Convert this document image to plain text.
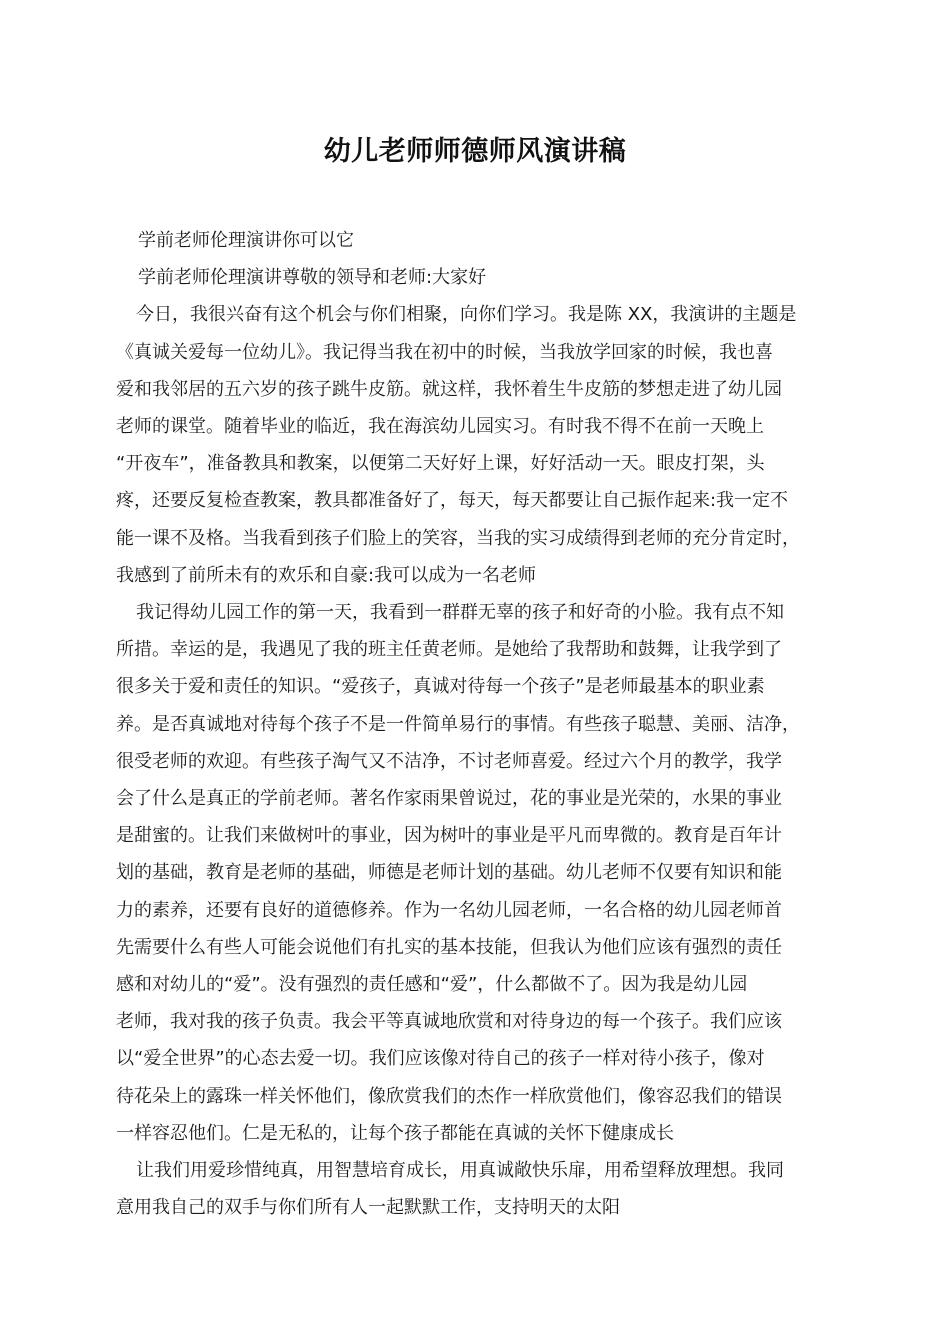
幼儿老师师德师风演讲稿

学前老师伦理演讲你可以它

学前老师伦理演讲尊敬的领导和老师:大家好

今日，我很兴奋有这个机会与你们相聚，向你们学习。我是陈 XX，我演讲的主题是
《真诚关爱每一位幼儿》。我记得当我在初中的时候，当我放学回家的时候，我也喜
爱和我邻居的五六岁的孩子跳牛皮筋。就这样，我怀着生牛皮筋的梦想走进了幼儿园
老师的课堂。随着毕业的临近，我在海滨幼儿园实习。有时我不得不在前一天晚上
“开夜车”，准备教具和教案，以便第二天好好上课，好好活动一天。眼皮打架，头
疼，还要反复检查教案，教具都准备好了，每天，每天都要让自己振作起来:我一定不
能一课不及格。当我看到孩子们脸上的笑容，当我的实习成绩得到老师的充分肯定时，
我感到了前所未有的欢乐和自豪:我可以成为一名老师

我记得幼儿园工作的第一天，我看到一群群无辜的孩子和好奇的小脸。我有点不知
所措。幸运的是，我遇见了我的班主任黄老师。是她给了我帮助和鼓舞，让我学到了
很多关于爱和责任的知识。“爱孩子，真诚对待每一个孩子”是老师最基本的职业素
养。是否真诚地对待每个孩子不是一件简单易行的事情。有些孩子聪慧、美丽、洁净，
很受老师的欢迎。有些孩子淘气又不洁净，不讨老师喜爱。经过六个月的教学，我学
会了什么是真正的学前老师。著名作家雨果曾说过，花的事业是光荣的，水果的事业
是甜蜜的。让我们来做树叶的事业，因为树叶的事业是平凡而卑微的。教育是百年计
划的基础，教育是老师的基础，师德是老师计划的基础。幼儿老师不仅要有知识和能
力的素养，还要有良好的道德修养。作为一名幼儿园老师，一名合格的幼儿园老师首
先需要什么有些人可能会说他们有扎实的基本技能，但我认为他们应该有强烈的责任
感和对幼儿的“爱”。没有强烈的责任感和“爱”，什么都做不了。因为我是幼儿园
老师，我对我的孩子负责。我会平等真诚地欣赏和对待身边的每一个孩子。我们应该
以“爱全世界”的心态去爱一切。我们应该像对待自己的孩子一样对待小孩子，像对
待花朵上的露珠一样关怀他们，像欣赏我们的杰作一样欣赏他们，像容忍我们的错误
一样容忍他们。仁是无私的，让每个孩子都能在真诚的关怀下健康成长

让我们用爱珍惜纯真，用智慧培育成长，用真诚敞快乐扉，用希望释放理想。我同
意用我自己的双手与你们所有人一起默默工作，支持明天的太阳
